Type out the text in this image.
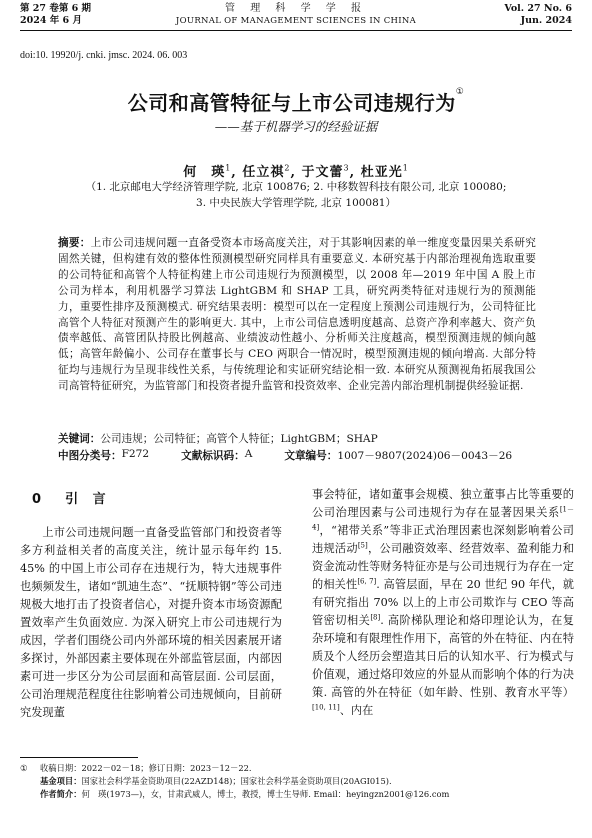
第 27 卷第 6 期
2024 年 6 月
管 理 科 学 学 报
JOURNAL OF MANAGEMENT SCIENCES IN CHINA
Vol. 27 No. 6
Jun. 2024
doi:10. 19920/j. cnki. jmsc. 2024. 06. 003
公司和高管特征与上市公司违规行为①
——基于机器学习的经验证据
何　瑛$^1$, 任立祺$^2$, 于文蕾$^3$, 杜亚光$^1$
（1. 北京邮电大学经济管理学院, 北京 100876; 2. 中移数智科技有限公司, 北京 100080;
3. 中央民族大学管理学院, 北京 100081）
摘要：上市公司违规问题一直备受资本市场高度关注，对于其影响因素的单一维度变量因果关系研究固然关键，但构建有效的整体性预测模型研究同样具有重要意义. 本研究基于内部治理视角选取重要的公司特征和高管个人特征构建上市公司违规行为预测模型，以 2008 年—2019 年中国 A 股上市公司为样本，利用机器学习算法 LightGBM 和 SHAP 工具，研究两类特征对违规行为的预测能力，重要性排序及预测模式. 研究结果表明：模型可以在一定程度上预测公司违规行为，公司特征比高管个人特征对预测产生的影响更大. 其中，上市公司信息透明度越高、总资产净利率越大、资产负债率越低、高管团队持股比例越高、业绩波动性越小、分析师关注度越高，模型预测违规的倾向越低；高管年龄偏小、公司存在董事长与 CEO 两职合一情况时，模型预测违规的倾向增高. 大部分特征均与违规行为呈现非线性关系，与传统理论和实证研究结论相一致. 本研究从预测视角拓展我国公司高管特征研究，为监管部门和投资者提升监管和投资效率、企业完善内部治理机制提供经验证据.
关键词：公司违规；公司特征；高管个人特征；LightGBM；SHAP
中图分类号： F272	文献标识码： A	文章编号： 1007－9807(2024)06－0043－26
0 引 言
上市公司违规问题一直备受监管部门和投资者等多方利益相关者的高度关注，统计显示每年约 15. 45% 的中国上市公司存在违规行为，特大违规事件也频频发生，诸如“凯迪生态”、“抚顺特钢”等公司违规极大地打击了投资者信心，对提升资本市场资源配置效率产生负面效应. 为深入研究上市公司违规行为成因，学者们围绕公司内外部环境的相关因素展开诸多探讨，外部因素主要体现在外部监管层面，内部因素可进一步区分为公司层面和高管层面. 公司层面，公司治理规范程度往往影响着公司违规倾向，目前研究发现董
事会特征，诸如董事会规模、独立董事占比等重要的公司治理因素与公司违规行为存在显著因果关系[1－4]，“裙带关系”等非正式治理因素也深刻影响着公司违规活动[5]，公司融资效率、经营效率、盈利能力和资金流动性等财务特征亦是与公司违规行为存在一定的相关性[6, 7]. 高管层面，早在 20 世纪 90 年代，就有研究指出 70% 以上的上市公司欺诈与 CEO 等高管密切相关[8]. 高阶梯队理论和烙印理论认为，在复杂环境和有限理性作用下，高管的外在特征、内在特质及个人经历会塑造其日后的认知水平、行为模式与价值观，通过烙印效应的外显从而影响个体的行为决策. 高管的外在特征（如年龄、性别、教育水平等）[10, 11]、内在
① 收稿日期：2022－02－18；修订日期：2023－12－22.
基金项目：国家社会科学基金资助项目(22AZD148)；国家社会科学基金资助项目(20AGI015).
作者简介：何　瑛(1973—)，女，甘肃武威人，博士，教授，博士生导师. Email：heyingzn2001@126.com
